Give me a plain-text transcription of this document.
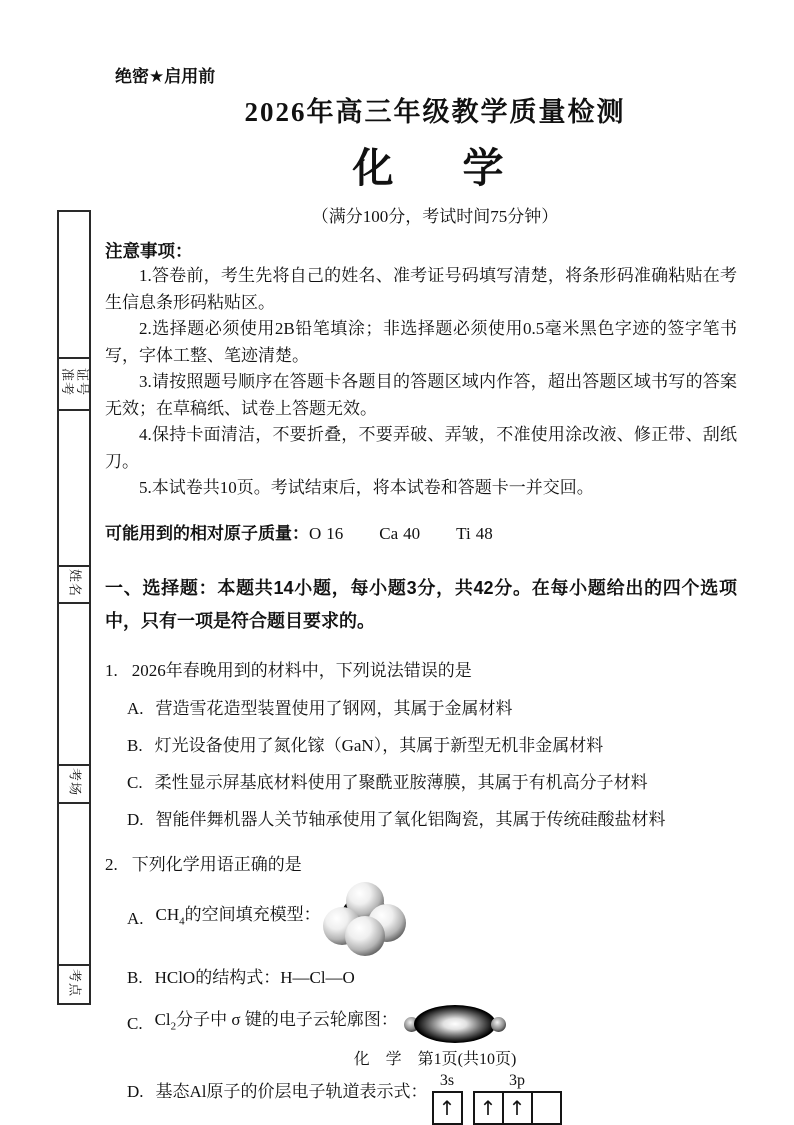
绝密★启用前
2026年高三年级教学质量检测
化　学
（满分100分，考试时间75分钟）
准考证号
姓名
考场
考点
注意事项：

1.答卷前，考生先将自己的姓名、准考证号码填写清楚，将条形码准确粘贴在考生信息条形码粘贴区。

2.选择题必须使用2B铅笔填涂；非选择题必须使用0.5毫米黑色字迹的签字笔书写，字体工整、笔迹清楚。

3.请按照题号顺序在答题卡各题目的答题区域内作答，超出答题区域书写的答案无效；在草稿纸、试卷上答题无效。

4.保持卡面清洁，不要折叠，不要弄破、弄皱，不准使用涂改液、修正带、刮纸刀。

5.本试卷共10页。考试结束后，将本试卷和答题卡一并交回。

可能用到的相对原子质量：O 16 Ca 40 Ti 48
一、选择题：本题共14小题，每小题3分，共42分。在每小题给出的四个选项中，只有一项是符合题目要求的。
1. 2026年春晚用到的材料中，下列说法错误的是
A. 营造雪花造型装置使用了钢网，其属于金属材料
B. 灯光设备使用了氮化镓（GaN），其属于新型无机非金属材料
C. 柔性显示屏基底材料使用了聚酰亚胺薄膜，其属于有机高分子材料
D. 智能伴舞机器人关节轴承使用了氧化铝陶瓷，其属于传统硅酸盐材料
2. 下列化学用语正确的是
A. $CH_4$的空间填充模型：
B. HClO的结构式：H—Cl—O
C. $Cl_2$分子中 σ 键的电子云轮廓图：
D. 基态Al原子的价层电子轨道表示式：
3s
↑
3p
↑ ↑
化　学　第1页(共10页)
